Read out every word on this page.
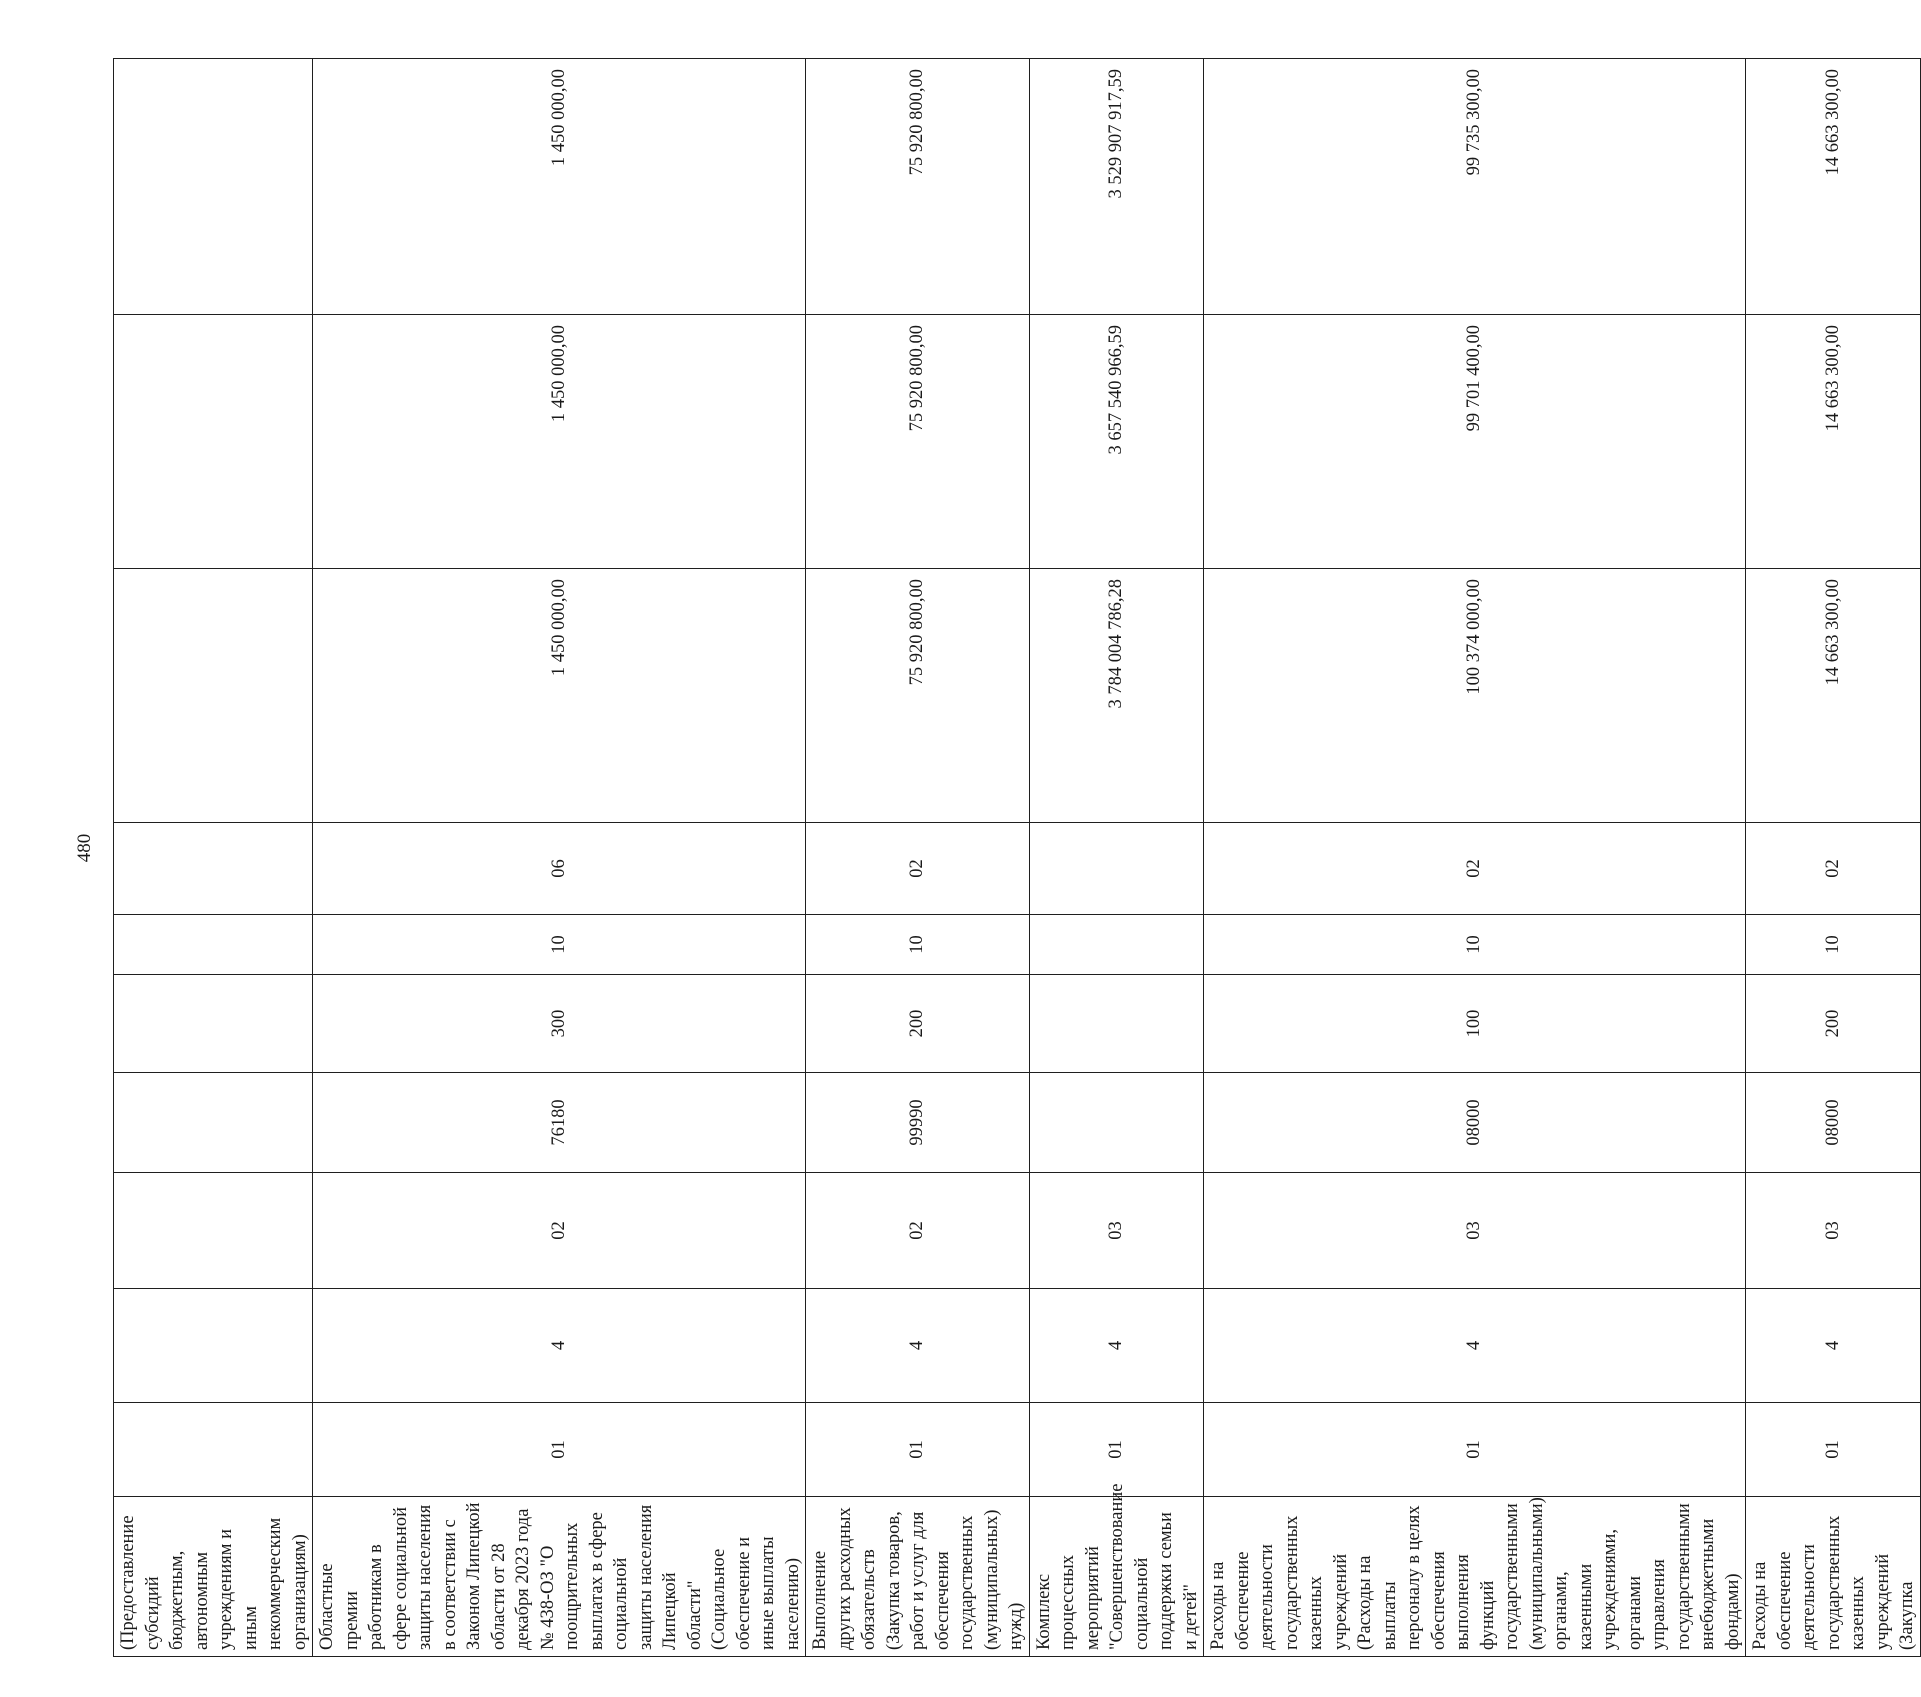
480
(Предоставление субсидий бюджетным, автономным учреждениям и иным некоммерческим организациям)										
Областные премии работникам в сфере социальной защиты населения в соответствии с Законом Липецкой области от 28 декабря 2023 года № 438-ОЗ "О поощрительных выплатах в сфере социальной защиты населения Липецкой области" (Социальное обеспечение и иные выплаты населению)	01	4	02	76180	300	10	06	1 450 000,00	1 450 000,00	1 450 000,00
Выполнение других расходных обязательств (Закупка товаров, работ и услуг для обеспечения государственных (муниципальных) нужд)	01	4	02	99990	200	10	02	75 920 800,00	75 920 800,00	75 920 800,00
Комплекс процессных мероприятий "Совершенствование социальной поддержки семьи и детей"	01	4	03					3 784 004 786,28	3 657 540 966,59	3 529 907 917,59
Расходы на обеспечение деятельности государственных казенных учреждений (Расходы на выплаты персоналу в целях обеспечения выполнения функций государственными (муниципальными) органами, казенными учреждениями, органами управления государственными внебюджетными фондами)	01	4	03	08000	100	10	02	100 374 000,00	99 701 400,00	99 735 300,00
Расходы на обеспечение деятельности государственных казенных учреждений (Закупка	01	4	03	08000	200	10	02	14 663 300,00	14 663 300,00	14 663 300,00
